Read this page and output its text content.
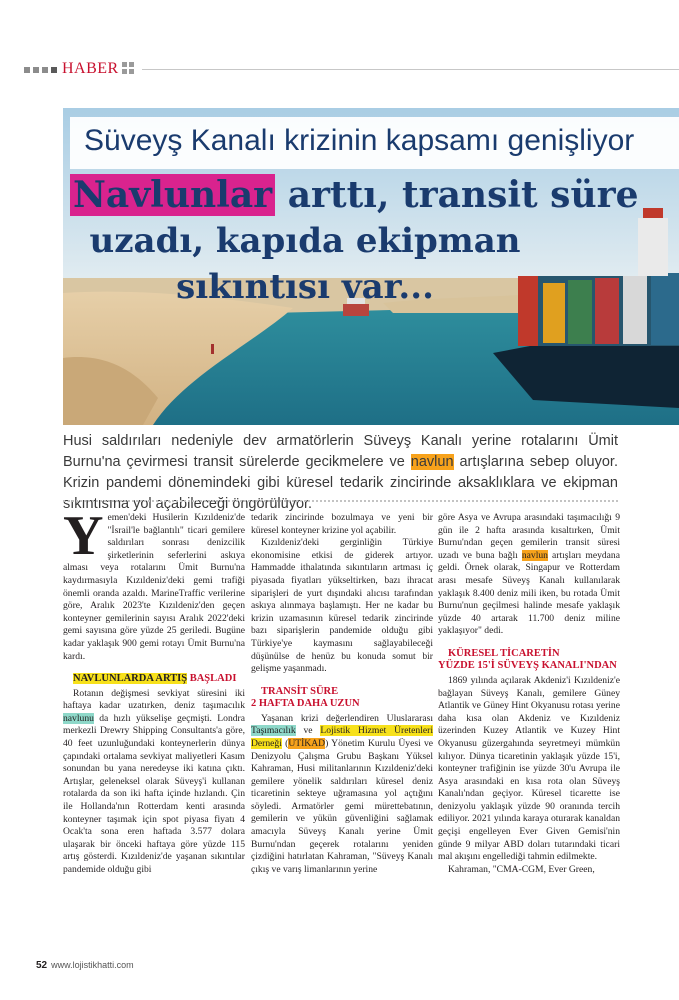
HABER
Süveyş Kanalı krizinin kapsamı genişliyor
Navlunlar arttı, transit süre
uzadı, kapıda ekipman
sıkıntısı var...

Husi saldırıları nedeniyle dev armatörlerin Süveyş Kanalı yerine rotalarını Ümit Burnu'na çevirmesi transit sürelerde gecikmelere ve navlun artışlarına sebep oluyor. Krizin pandemi dönemindeki gibi küresel tedarik zincirinde aksaklıklara ve ekipman sıkıntısına yol açabileceği öngörülüyor.

Yemen'deki Husilerin Kızıldeniz'de "İsrail'le bağlantılı" ticari gemilere saldırıları sonrası denizcilik şirketlerinin seferlerini askıya alması veya rotalarını Ümit Burnu'na kaydırmasıyla Kızıldeniz'deki gemi trafiği önemli oranda azaldı. MarineTraffic verilerine göre, Aralık 2023'te Kızıldeniz'den geçen konteyner gemilerinin sayısı Aralık 2022'deki gemi sayısına göre yüzde 25 geriledi. Bugüne kadar yaklaşık 900 gemi rotayı Ümit Burnu'na kardı.

NAVLUNLARDA ARTIŞ BAŞLADI

Rotanın değişmesi sevkiyat süresini iki haftaya kadar uzatırken, deniz taşımacılık navlunu da hızlı yükselişe geçmişti. Londra merkezli Drewry Shipping Consultants'a göre, 40 feet uzunluğundaki konteynerlerin dünya çapındaki ortalama sevkiyat maliyetleri Kasım sonundan bu yana neredeyse iki katına çıktı. Artışlar, geleneksel olarak Süveyş'i kullanan rotalarda da son iki hafta içinde hızlandı. Çin ile Hollanda'nın Rotterdam kenti arasında konteyner taşımak için spot piyasa fiyatı 4 Ocak'ta sona eren haftada 3.577 dolara ulaşarak bir önceki haftaya göre yüzde 115 artış gösterdi. Kızıldeniz'de yaşanan sıkıntılar pandemide olduğu gibi

tedarik zincirinde bozulmaya ve yeni bir küresel konteyner krizine yol açabilir.

Kızıldeniz'deki gerginliğin Türkiye ekonomisine etkisi de giderek artıyor. Hammadde ithalatında sıkıntıların artması iç piyasada fiyatları yükseltirken, bazı ihracat siparişleri de yurt dışındaki alıcısı tarafından askıya alınmaya başlamıştı. Her ne kadar bu krizin uzamasının küresel tedarik zincirinde bazı siparişlerin pandemide olduğu gibi Türkiye'ye kaymasını sağlayabileceği düşünülse de henüz bu konuda somut bir gelişme yaşanmadı.

TRANSİT SÜRE
2 HAFTA DAHA UZUN

Yaşanan krizi değerlendiren Uluslararası Taşımacılık ve Lojistik Hizmet Üretenleri Derneği (UTİKAD) Yönetim Kurulu Üyesi ve Denizyolu Çalışma Grubu Başkanı Yüksel Kahraman, Husi militanlarının Kızıldeniz'deki gemilere yönelik saldırıları küresel deniz ticaretinin sekteye uğramasına yol açtığını söyledi. Armatörler gemi mürettebatının, gemilerin ve yükün güvenliğini sağlamak amacıyla Süveyş Kanalı yerine Ümit Burnu'ndan geçerek rotalarını yeniden çizdiğini hatırlatan Kahraman, "Süveyş Kanalı çıkış ve varış limanlarının yerine

göre Asya ve Avrupa arasındaki taşımacılığı 9 gün ile 2 hafta arasında kısaltırken, Ümit Burnu'ndan geçen gemilerin transit süresi uzadı ve buna bağlı navlun artışları meydana geldi. Örnek olarak, Singapur ve Rotterdam arası mesafe Süveyş Kanalı kullanılarak yaklaşık 8.400 deniz mili iken, bu rotada Ümit Burnu'nun geçilmesi halinde mesafe yaklaşık yüzde 40 artarak 11.700 deniz miline yaklaşıyor" dedi.

KÜRESEL TİCARETİN
YÜZDE 15'İ SÜVEYŞ KANALI'NDAN

1869 yılında açılarak Akdeniz'i Kızıldeniz'e bağlayan Süveyş Kanalı, gemilere Güney Atlantik ve Güney Hint Okyanusu rotası yerine daha kısa olan Akdeniz ve Kızıldeniz üzerinden Kuzey Atlantik ve Kuzey Hint Okyanusu güzergahında seyretmeyi mümkün kılıyor. Dünya ticaretinin yaklaşık yüzde 15'i, konteyner trafiğinin ise yüzde 30'u Avrupa ile Asya arasındaki en kısa rota olan Süveyş Kanalı'ndan geçiyor. Küresel ticarette ise denizyolu yaklaşık yüzde 90 oranında tercih ediliyor. 2021 yılında karaya oturarak kanaldan geçişi engelleyen Ever Given Gemisi'nin günde 9 milyar ABD doları tutarındaki ticari mal akışını engellediği tahmin edilmekte.

Kahraman, "CMA-CGM, Ever Green,

52 www.lojistikhatti.com
